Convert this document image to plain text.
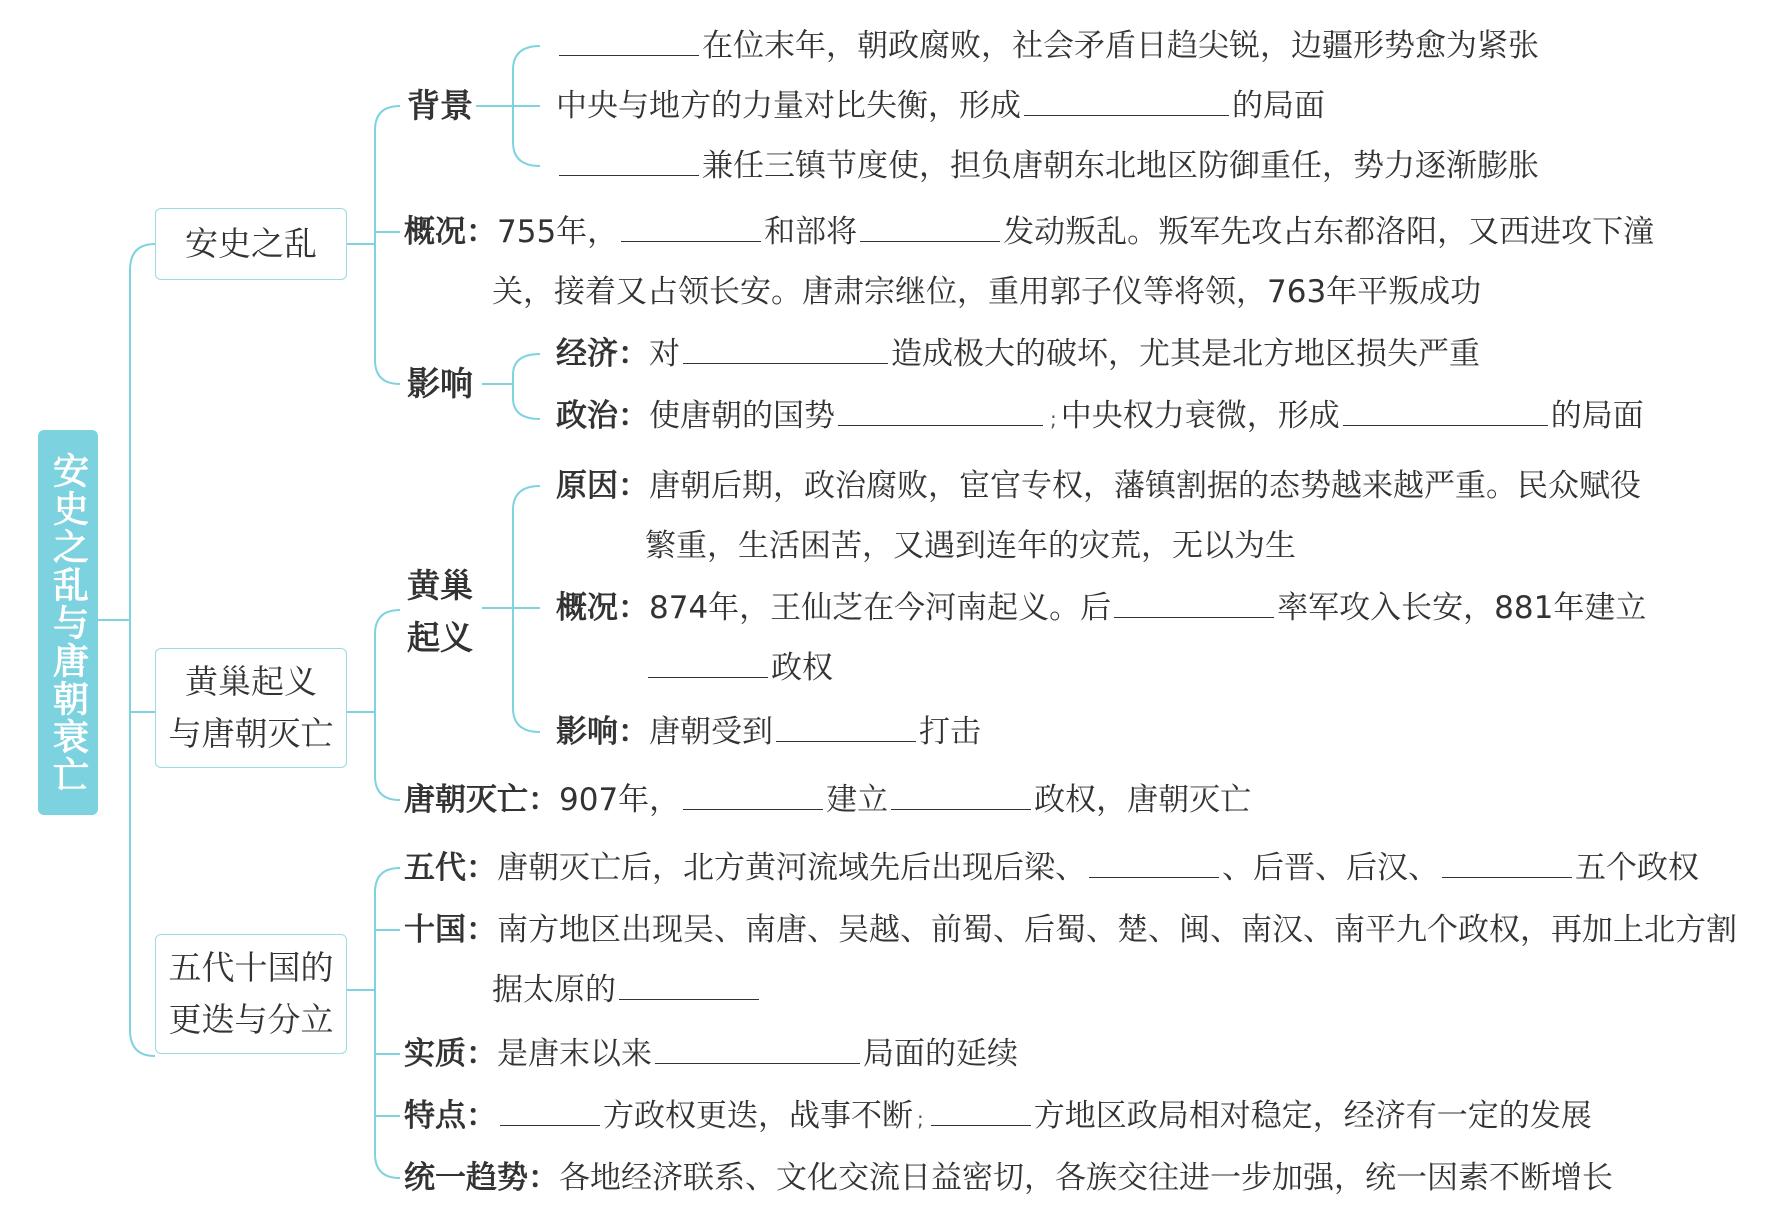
安史之乱与唐朝衰亡
安史之乱
黄巢起义
与唐朝灭亡
五代十国的
更迭与分立
背景
在位末年，朝政腐败，社会矛盾日趋尖锐，边疆形势愈为紧张
中央与地方的力量对比失衡，形成	的局面
兼任三镇节度使，担负唐朝东北地区防御重任，势力逐渐膨胀
概况：755年，	和部将	发动叛乱。叛军先攻占东都洛阳，又西进攻下潼
关，接着又占领长安。唐肃宗继位，重用郭子仪等将领，763年平叛成功
影响
经济：对	造成极大的破坏，尤其是北方地区损失严重
政治：使唐朝的国势	; 中央权力衰微，形成	的局面
黄巢
起义
原因：唐朝后期，政治腐败，宦官专权，藩镇割据的态势越来越严重。民众赋役
繁重，生活困苦，又遇到连年的灾荒，无以为生
概况：874年，王仙芝在今河南起义。后	率军攻入长安，881年建立
政权
影响：唐朝受到	打击
唐朝灭亡：907年，	建立	政权，唐朝灭亡
五代：唐朝灭亡后，北方黄河流域先后出现后梁、	、后晋、后汉、	五个政权
十国：南方地区出现吴、南唐、吴越、前蜀、后蜀、楚、闽、南汉、南平九个政权，再加上北方割
据太原的
实质：是唐末以来	局面的延续
特点：	方政权更迭，战事不断 ;	方地区政局相对稳定，经济有一定的发展
统一趋势：各地经济联系、文化交流日益密切，各族交往进一步加强，统一因素不断增长
